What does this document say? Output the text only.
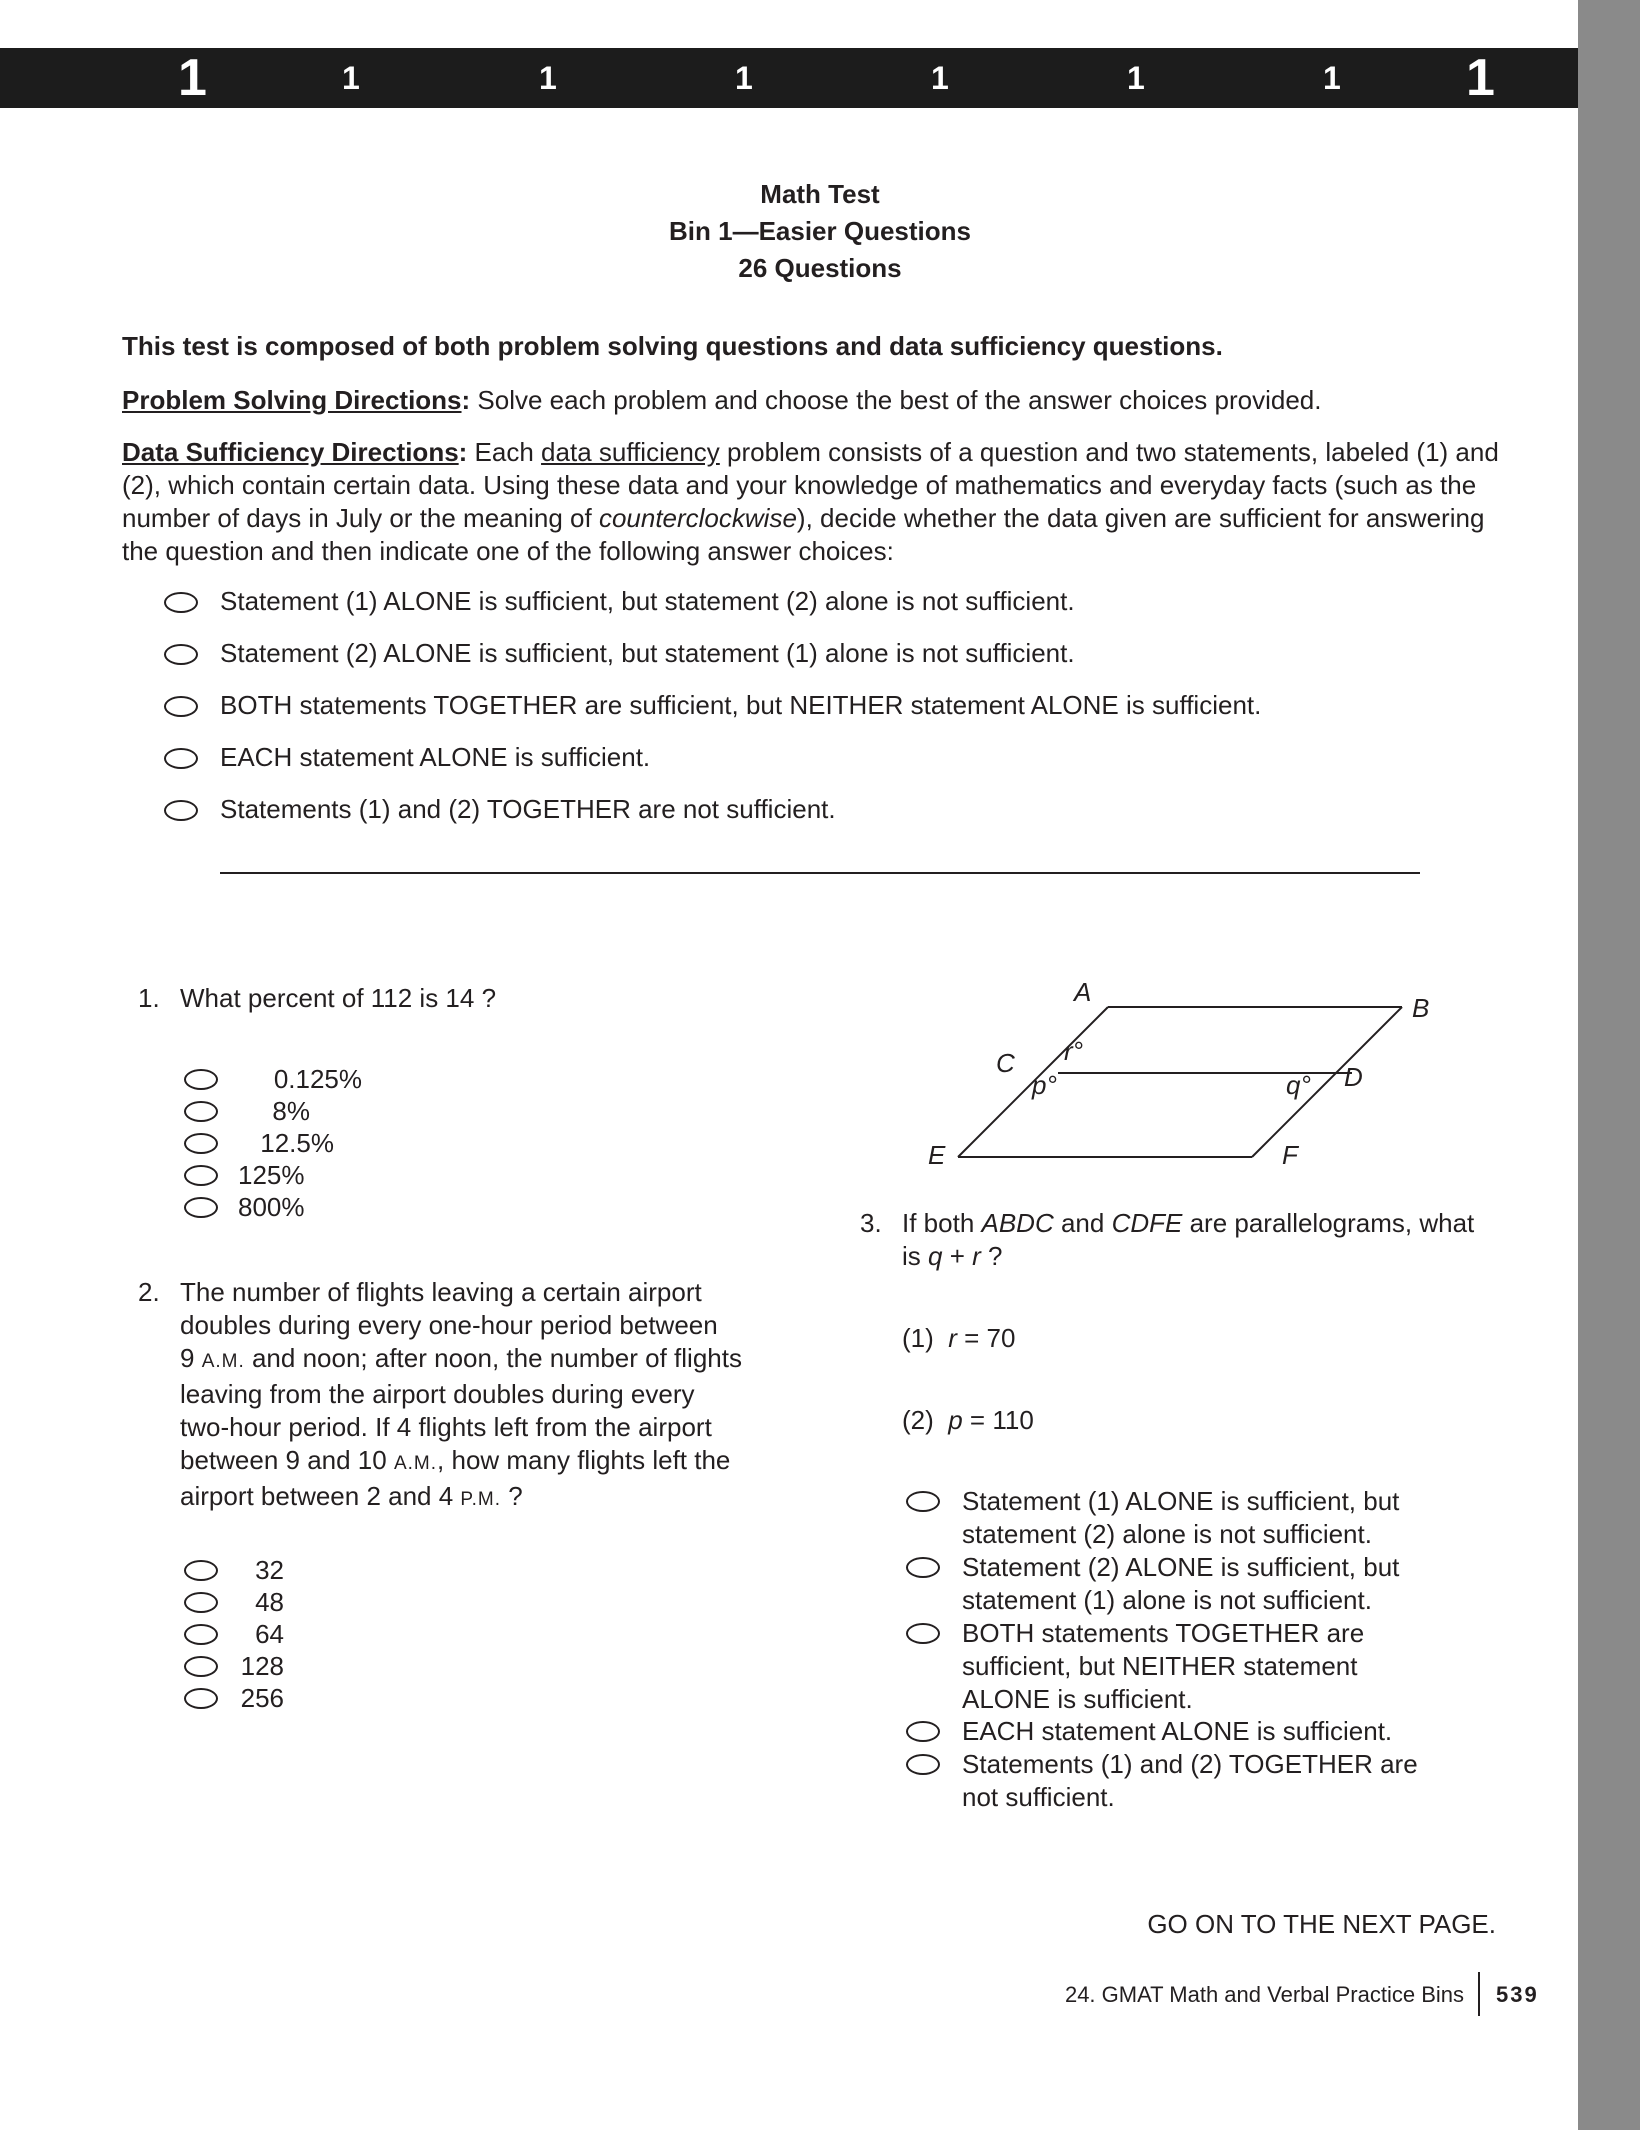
1	1	1	1	1	1	1 1
Math Test
Bin 1—Easier Questions
26 Questions
This test is composed of both problem solving questions and data sufficiency questions.
Problem Solving Directions: Solve each problem and choose the best of the answer choices provided.
Data Sufficiency Directions: Each data sufficiency problem consists of a question and two statements, labeled (1) and (2), which contain certain data. Using these data and your knowledge of mathematics and everyday facts (such as the number of days in July or the meaning of counterclockwise), decide whether the data given are sufficient for answering the question and then indicate one of the following answer choices:
Statement (1) ALONE is sufficient, but statement (2) alone is not sufficient.
Statement (2) ALONE is sufficient, but statement (1) alone is not sufficient.
BOTH statements TOGETHER are sufficient, but NEITHER statement ALONE is sufficient.
EACH statement ALONE is sufficient.
Statements (1) and (2) TOGETHER are not sufficient.
1. What percent of 112 is 14 ?
0.125%
8%
12.5%
125%
800%
2. The number of flights leaving a certain airport
doubles during every one-hour period between
9 A.M. and noon; after noon, the number of flights
leaving from the airport doubles during every
two-hour period. If 4 flights left from the airport
between 9 and 10 A.M., how many flights left the
airport between 2 and 4 P.M. ?
32
48
64
128
256
A
B
C	D
E	F
r°
p°	q°
3. If both ABDC and CDFE are parallelograms, what
is q + r ?
(1) r = 70
(2) p = 110
Statement (1) ALONE is sufficient, but
statement (2) alone is not sufficient.
Statement (2) ALONE is sufficient, but
statement (1) alone is not sufficient.
BOTH statements TOGETHER are
sufficient, but NEITHER statement
ALONE is sufficient.
EACH statement ALONE is sufficient.
Statements (1) and (2) TOGETHER are
not sufficient.
GO ON TO THE NEXT PAGE.
24. GMAT Math and Verbal Practice Bins 539
